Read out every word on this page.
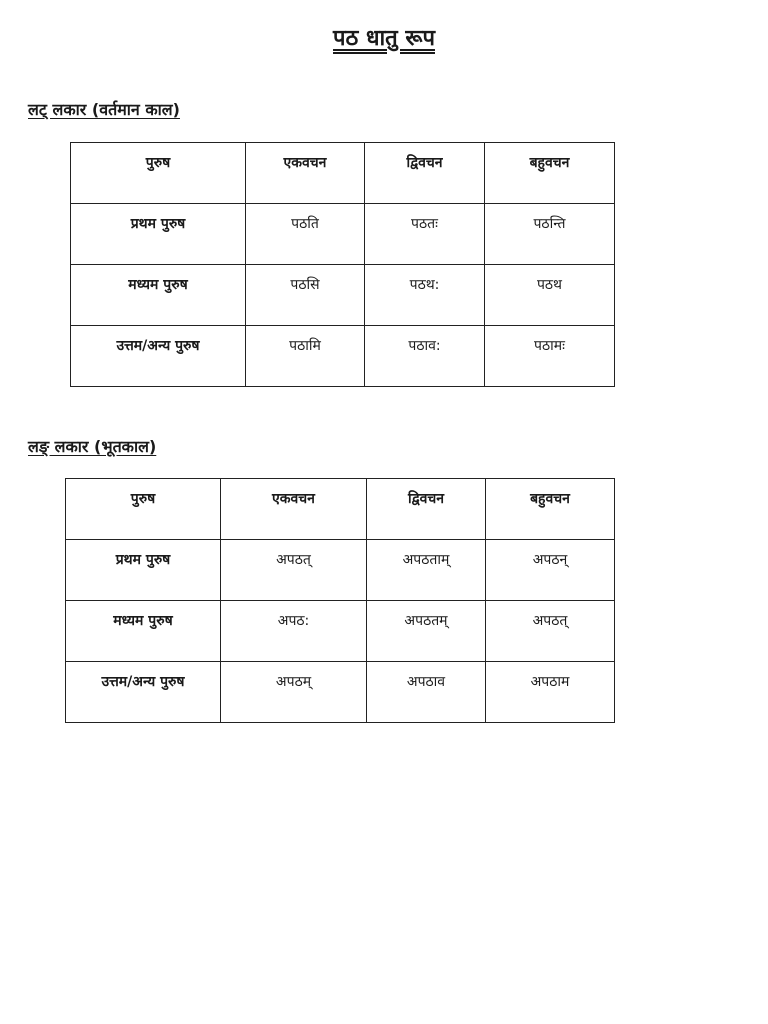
पठ धातु रूप
लट् लकार (वर्तमान काल)
पुरुष	एकवचन	द्विवचन	बहुवचन
प्रथम पुरुष	पठति	पठतः	पठन्ति
मध्यम पुरुष	पठसि	पठथ:	पठथ
उत्तम/अन्य पुरुष	पठामि	पठाव:	पठामः
लङ् लकार (भूतकाल)
पुरुष	एकवचन	द्विवचन	बहुवचन
प्रथम पुरुष	अपठत्	अपठताम्	अपठन्
मध्यम पुरुष	अपठ:	अपठतम्	अपठत्
उत्तम/अन्य पुरुष	अपठम्	अपठाव	अपठाम
